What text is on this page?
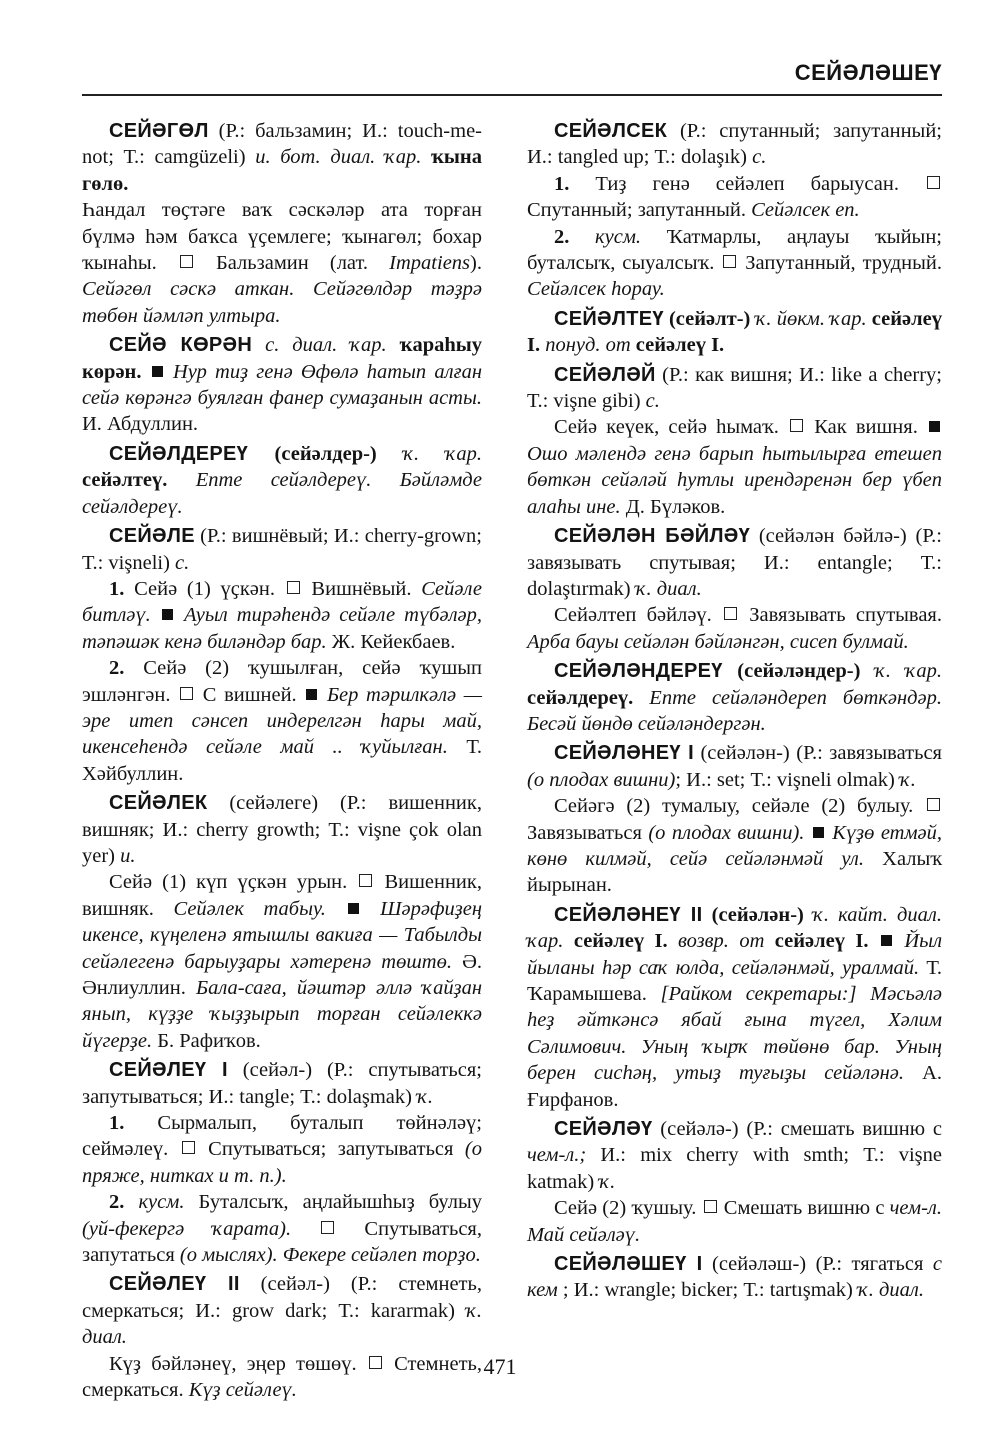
СЕЙӘЛӘШЕҮ

СЕЙӘГӨЛ (Р.: бальзамин; И.: touch-me-not; Т.: camgüzeli) и. бот. диал. ҡар. ҡына гөлө.

Һандал төҫтәге ваҡ сәскәләр ата торған бүлмә һәм баҡса үҫемлеге; ҡынагөл; бохар ҡынаһы.  Бальзамин (лат. Impatiens). Сейәгөл сәскә аткан. Сейәгөлдәр тәҙрә төбөн йәмләп ултыра.

СЕЙӘ КӨРӘН с. диал. ҡар. ҡараһыу көрән.  Нур тиҙ генә Өфөлә һатып алған сейә көрәнгә буялған фанер сумаҙанын асты. И. Абдуллин.

СЕЙӘЛДЕРЕҮ (сейәлдер-) ҡ. ҡар. сейәлтеү. Епте сейәлдереү. Бәйләмде сейәлдереү.

СЕЙӘЛЕ (Р.: вишнёвый; И.: cherry-grown; Т.: vişneli) с.

1. Сейә (1) үҫкән.  Вишнёвый. Сейәле битләү. Ауыл тирәһендә сейәле түбәләр, тәпәшәк кенә биләндәр бар. Ж. Кейекбаев.

2. Сейә (2) ҡушылған, сейә ҡушып эшләнгән.  С вишней.  Бер тәрилкәлә — эре итеп сәнсеп индерелгән һары май, икенсеһендә сейәле май .. ҡуйылған. Т. Хәйбуллин.

СЕЙӘЛЕК (сейәлеге) (Р.: вишенник, вишняк; И.: cherry growth; Т.: vişne çok olan yer) и.

Сейә (1) күп үҫкән урын.  Вишенник, вишняк. Сейәлек табыу.	Шәрәфиҙең икенсе, күңеленә ятышлы вакиға — Табылды сейәлегенә барыуҙары хәтеренә төштө. Ә. Әнлиуллин. Бала-саға, йәштәр әллә ҡайҙан янып, күҙҙе ҡыҙҙырып торған сейәлеккә йүгерҙе. Б. Рафиҡов.

СЕЙӘЛЕҮ I (сейәл-) (Р.: спутываться; запутываться; И.: tangle; Т.: dolaşmak) ҡ.

1. Сырмалып, буталып төйнәләү; сеймәлеү.  Спутываться; запутываться (о пряже, нитках и т. п.).

2. кусм. Буталсыҡ, аңлайышһыҙ булыу (уй-фекергә ҡарата).  Спутываться, запутаться (о мыслях). Фекере сейәлеп торҙо.

СЕЙӘЛЕҮ II (сейәл-) (Р.: стемнеть, смеркаться; И.: grow dark; Т.: kararmak) ҡ. диал.

Күҙ бәйләнеү, эңер төшөү.  Стемнеть, смеркаться. Күҙ сейәлеү.

СЕЙӘЛСЕК (Р.: спутанный; запутанный; И.: tangled up; Т.: dolaşık) с.

1. Тиҙ генә сейәлеп барыусан.  Спутанный; запутанный. Сейәлсек еп.

2. кусм. Ҡатмарлы, аңлауы ҡыйын; буталсыҡ, сыуалсыҡ.  Запутанный, трудный. Сейәлсек һорау.

СЕЙӘЛТЕҮ (сейәлт-) ҡ. йөкм. ҡар. сейәлеү I. понуд. от сейәлеү I.

СЕЙӘЛӘЙ (Р.: как вишня; И.: like a cherry; Т.: vişne gibi) с.

Сейә кеүек, сейә һымаҡ.  Как вишня.  Ошо мәлендә генә барып һытылырға етешеп бөткән сейәләй һутлы ирендәренән бер үбеп алаһы ине. Д. Бүләков.

СЕЙӘЛӘН БӘЙЛӘҮ (сейәлән бәйлә-) (Р.: завязывать спутывая; И.: entangle; Т.: dolaştırmak) ҡ. диал.

Сейәлтеп бәйләү.  Завязывать спутывая. Арба бауы сейәлән бәйләнгән, сисеп булмай.

СЕЙӘЛӘНДЕРЕҮ (сейәләндер-) ҡ. ҡар. сейәлдереү. Епте сейәләндереп бөткәндәр. Бесәй йөндө сейәләндергән.

СЕЙӘЛӘНЕҮ I (сейәлән-) (Р.: завязываться (о плодах вишни); И.: set; Т.: vişneli olmak) ҡ.

Сейәгә (2) тумалыу, сейәле (2) булыу.  Завязываться (о плодах вишни). Күҙө етмәй, көнө килмәй, сейә сейәләнмәй ул. Халыҡ йырынан.

СЕЙӘЛӘНЕҮ II (сейәлән-) ҡ. кайт. диал. ҡар. сейәлеү I. возвр. от сейәлеү I.  Йыл йыланы һәр саҡ юлда, сейәләнмәй, уралмай. Т. Ҡарамышева. [Райком секретары:] Мәсьәлә һеҙ әйткәнсә ябай ғына түгел, Хәлим Сәлимович. Уның ҡырҡ төйөнө бар. Уның берен сисһәң, утыҙ туғыҙы сейәләнә. А. Ғирфанов.

СЕЙӘЛӘҮ (сейәлә-) (Р.: смешать вишню с чем-л.; И.: mix cherry with smth; Т.: vişne katmak) ҡ.

Сейә (2) ҡушыу.  Смешать вишню с чем-л. Май сейәләү.

СЕЙӘЛӘШЕҮ I (сейәләш-) (Р.: тягаться с кем ; И.: wrangle; bicker; Т.: tartışmak) ҡ. диал.

471
